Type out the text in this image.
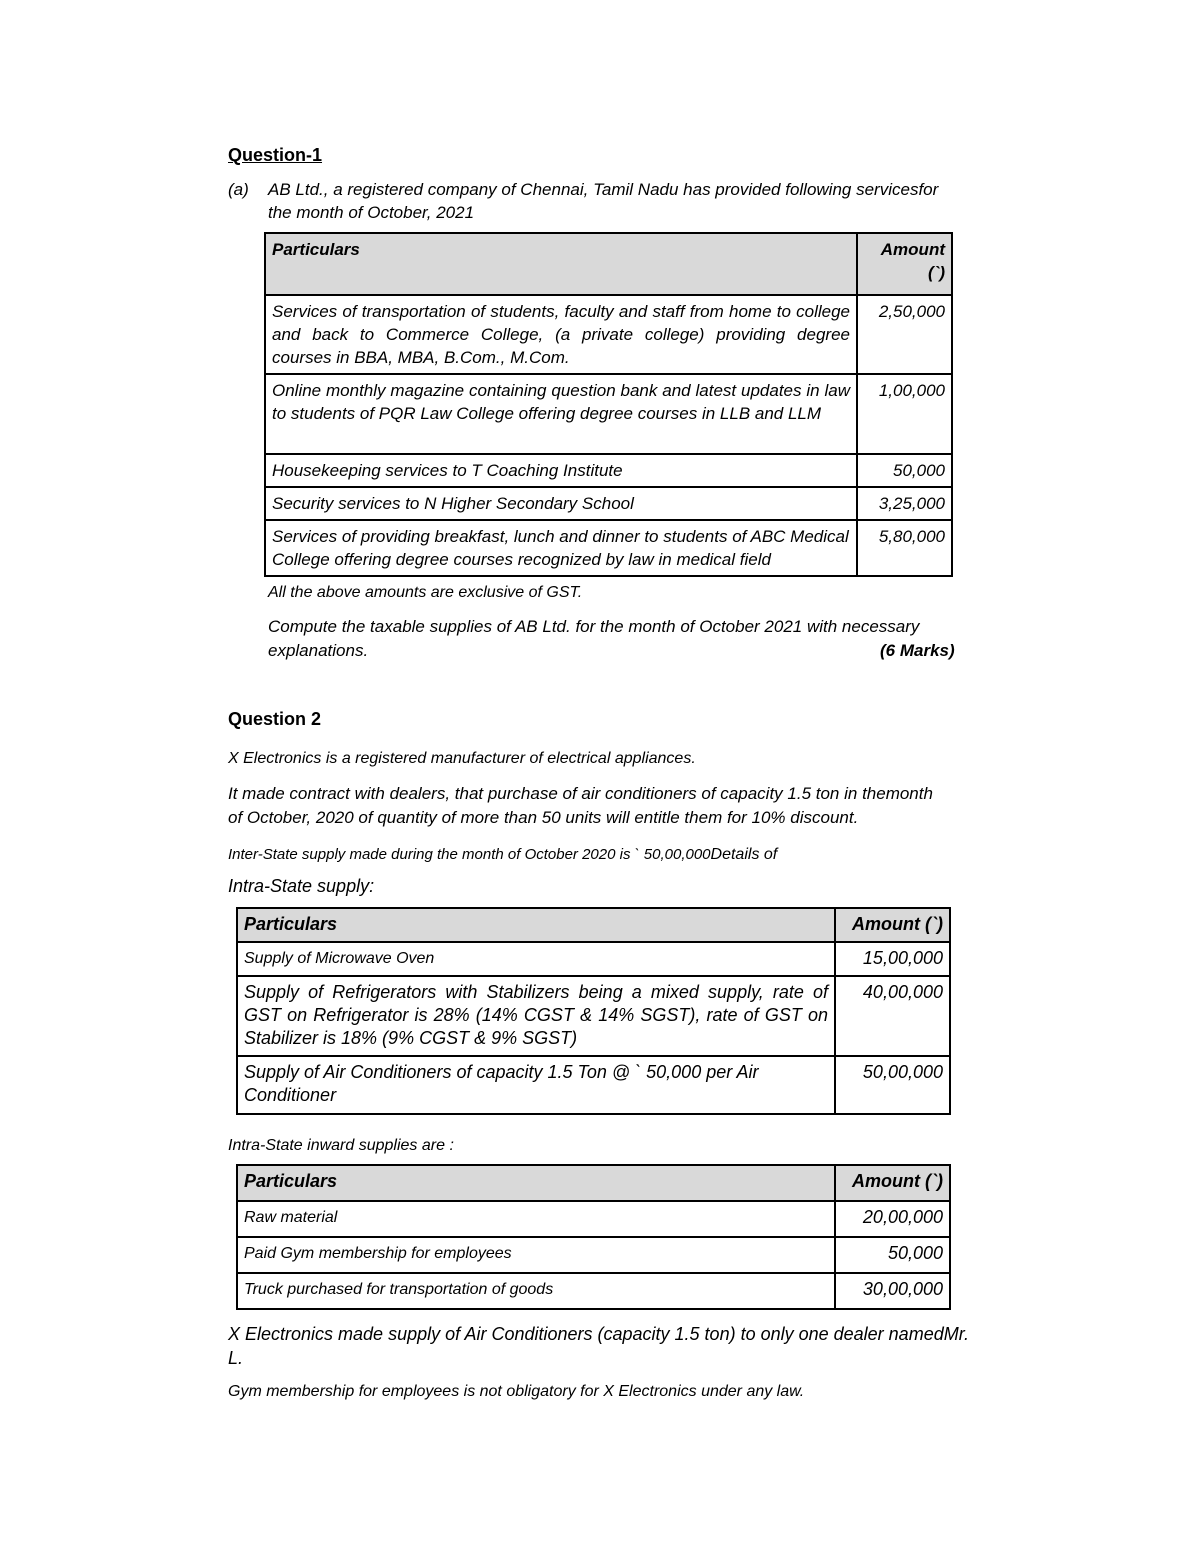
Question-1
(a) AB Ltd., a registered company of Chennai, Tamil Nadu has provided following servicesfor
the month of October, 2021
Particulars	Amount
(`)

Services of transportation of students, faculty and staff from home to college and back to Commerce College, (a private college) providing degree courses in BBA, MBA, B.Com., M.Com.	2,50,000
Online monthly magazine containing question bank and latest updates in law to students of PQR Law College offering degree courses in LLB and LLM	1,00,000
Housekeeping services to T Coaching Institute	50,000
Security services to N Higher Secondary School	3,25,000
Services of providing breakfast, lunch and dinner to students of ABC Medical College offering degree courses recognized by law in medical field	5,80,000
All the above amounts are exclusive of GST.
Compute the taxable supplies of AB Ltd. for the month of October 2021 with necessary
explanations.	(6 Marks)
Question 2
X Electronics is a registered manufacturer of electrical appliances.
It made contract with dealers, that purchase of air conditioners of capacity 1.5 ton in themonth
of October, 2020 of quantity of more than 50 units will entitle them for 10% discount.
Inter-State supply made during the month of October 2020 is ` 50,00,000Details of
Intra-State supply:
Particulars	Amount (`)
Supply of Microwave Oven	15,00,000
Supply of Refrigerators with Stabilizers being a mixed supply, rate of GST on Refrigerator is 28% (14% CGST & 14% SGST), rate of GST on Stabilizer is 18% (9% CGST & 9% SGST)	40,00,000
Supply of Air Conditioners of capacity 1.5 Ton @ ` 50,000 per Air Conditioner	50,00,000
Intra-State inward supplies are :
Particulars	Amount (`)
Raw material	20,00,000
Paid Gym membership for employees	50,000
Truck purchased for transportation of goods	30,00,000
X Electronics made supply of Air Conditioners (capacity 1.5 ton) to only one dealer namedMr.
L.
Gym membership for employees is not obligatory for X Electronics under any law.
